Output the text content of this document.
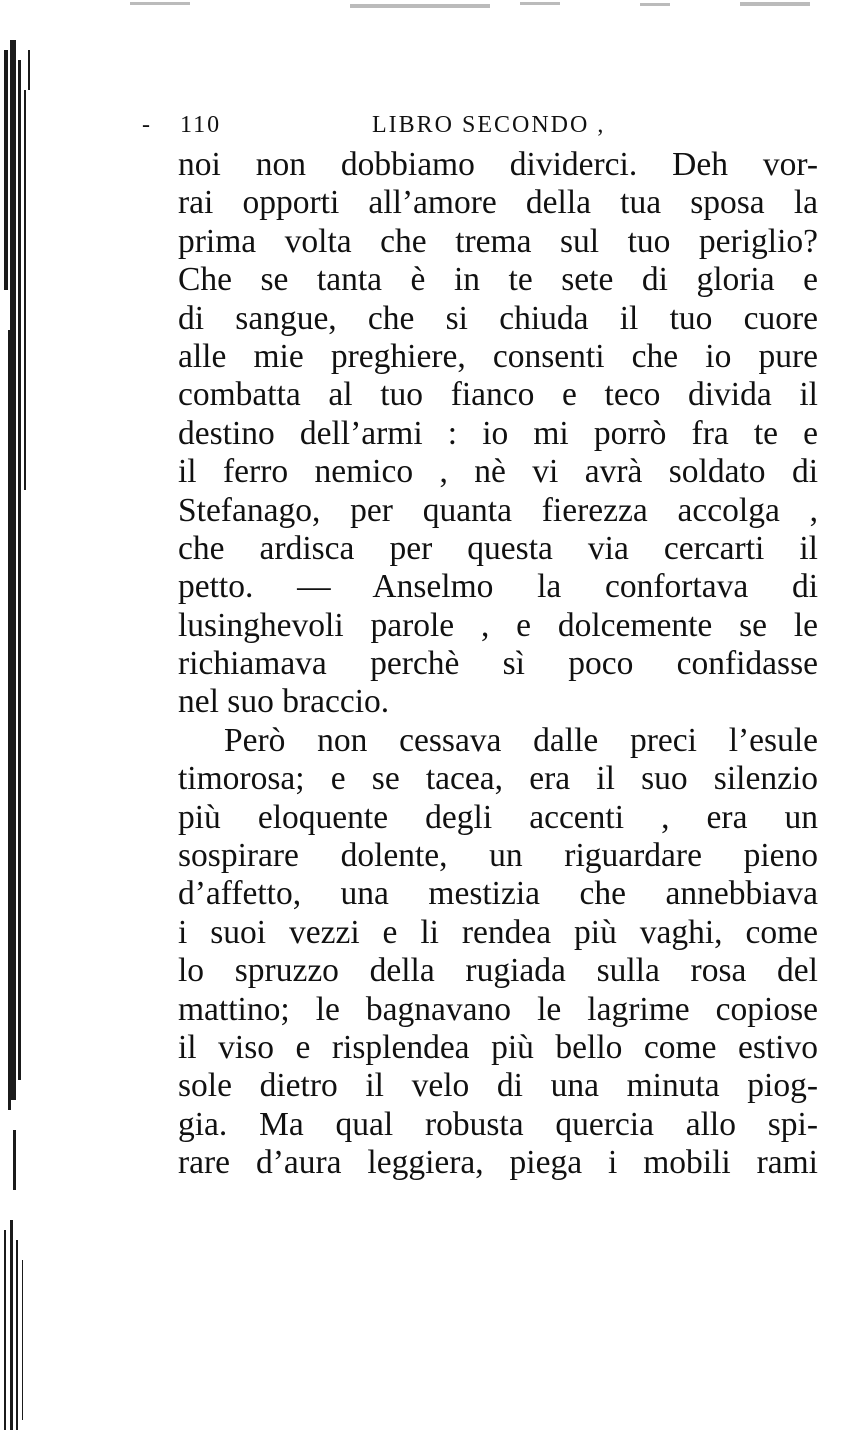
- 110	LIBRO SECONDO ,
noi non dobbiamo dividerci. Deh vor-
rai opporti all’amore della tua sposa la
prima volta che trema sul tuo periglio?
Che se tanta è in te sete di gloria e
di sangue, che si chiuda il tuo cuore
alle mie preghiere, consenti che io pure
combatta al tuo fianco e teco divida il
destino dell’armi : io mi porrò fra te e
il ferro nemico , nè vi avrà soldato di
Stefanago, per quanta fierezza accolga ,
che ardisca per questa via cercarti il
petto. — Anselmo la confortava di
lusinghevoli parole , e dolcemente se le
richiamava perchè sì poco confidasse
nel suo braccio.
Però non cessava dalle preci l’esule
timorosa; e se tacea, era il suo silenzio
più eloquente degli accenti , era un
sospirare dolente, un riguardare pieno
d’affetto, una mestizia che annebbiava
i suoi vezzi e li rendea più vaghi, come
lo spruzzo della rugiada sulla rosa del
mattino; le bagnavano le lagrime copiose
il viso e risplendea più bello come estivo
sole dietro il velo di una minuta piog-
gia. Ma qual robusta quercia allo spi-
rare d’aura leggiera, piega i mobili rami
